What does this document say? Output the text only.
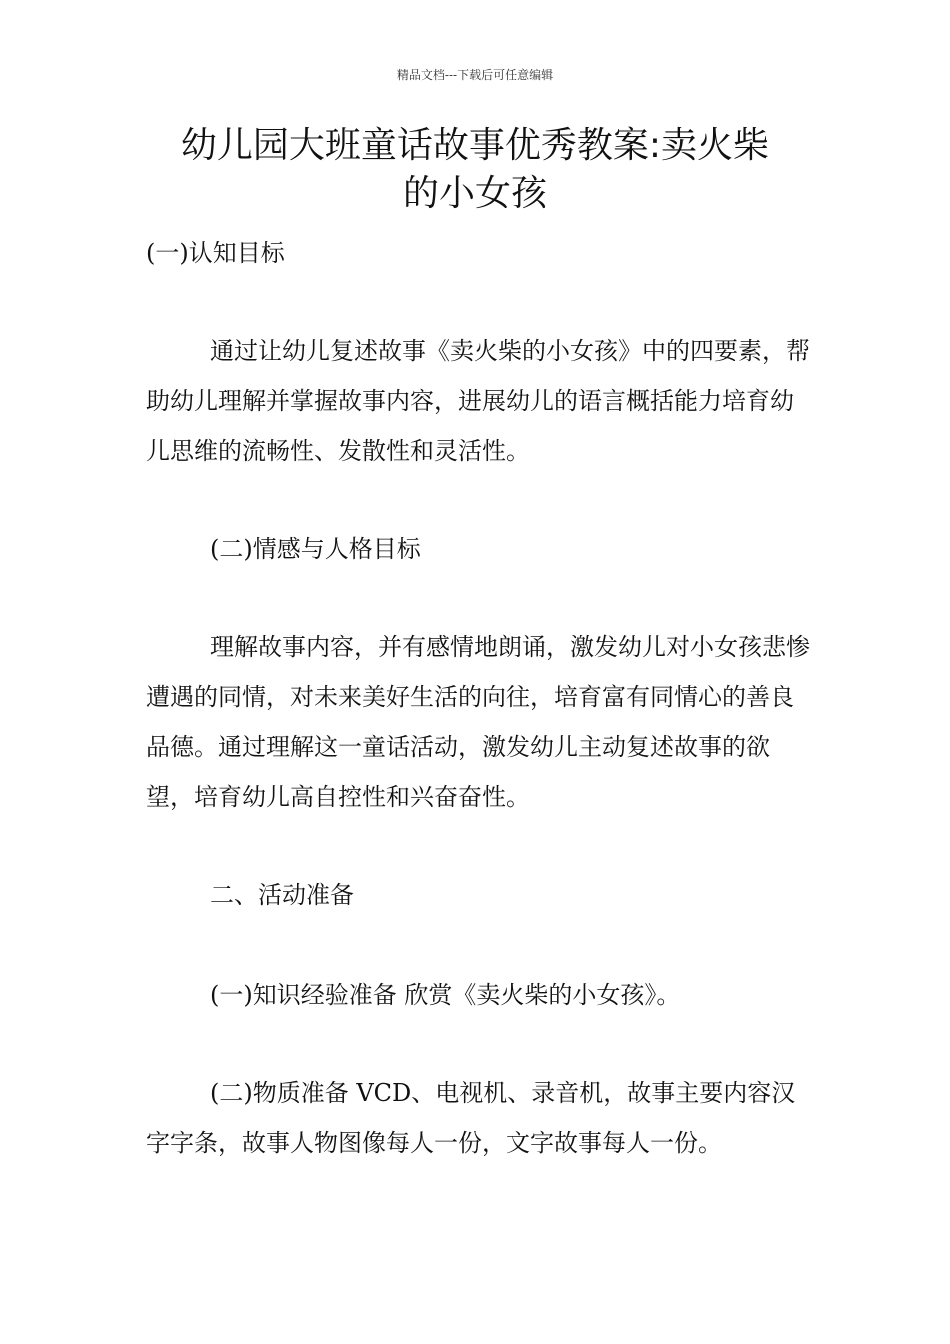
精品文档---下载后可任意编辑
幼儿园大班童话故事优秀教案:卖火柴
的小女孩

(一)认知目标

通过让幼儿复述故事《卖火柴的小女孩》中的四要素，帮助幼儿理解并掌握故事内容，进展幼儿的语言概括能力培育幼儿思维的流畅性、发散性和灵活性。

(二)情感与人格目标

理解故事内容，并有感情地朗诵，激发幼儿对小女孩悲惨遭遇的同情，对未来美好生活的向往，培育富有同情心的善良品德。通过理解这一童话活动，激发幼儿主动复述故事的欲望，培育幼儿高自控性和兴奋奋性。

二、活动准备

(一)知识经验准备 欣赏《卖火柴的小女孩》。

(二)物质准备 VCD、电视机、录音机，故事主要内容汉字字条，故事人物图像每人一份，文字故事每人一份。
